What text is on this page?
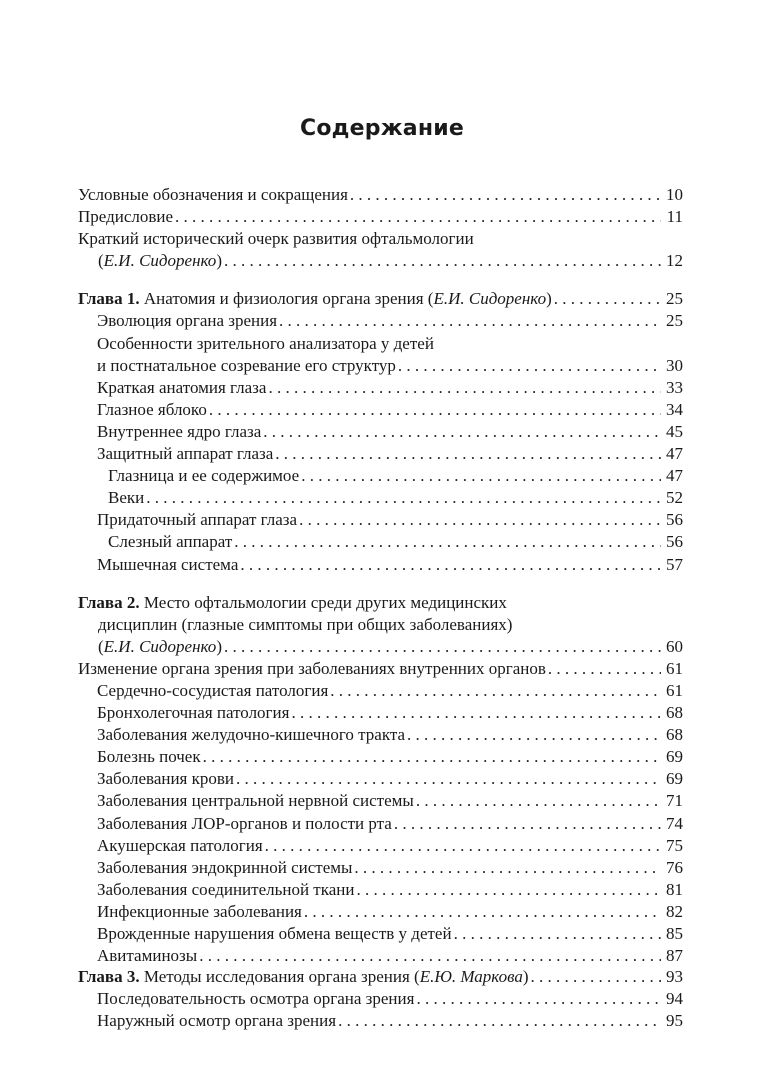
Содержание
Условные обозначения и сокращения . . .	10
Предисловие . . .	11
Краткий исторический очерк развития офтальмологии
(Е.И. Сидоренко) . . .	12
Глава 1. Анатомия и физиология органа зрения (Е.И. Сидоренко) . . .	25
Эволюция органа зрения . . .	25
Особенности зрительного анализатора у детей
и постнатальное созревание его структур . . .	30
Краткая анатомия глаза . . .	33
Глазное яблоко . . .	34
Внутреннее ядро глаза . . .	45
Защитный аппарат глаза . . .	47
Глазница и ее содержимое . . .	47
Веки . . .	52
Придаточный аппарат глаза . . .	56
Слезный аппарат . . .	56
Мышечная система . . .	57
Глава 2. Место офтальмологии среди других медицинских
дисциплин (глазные симптомы при общих заболеваниях)
(Е.И. Сидоренко) . . .	60
Изменение органа зрения при заболеваниях внутренних органов . . .	61
Сердечно-сосудистая патология . . .	61
Бронхолегочная патология . . .	68
Заболевания желудочно-кишечного тракта . . .	68
Болезнь почек . . .	69
Заболевания крови . . .	69
Заболевания центральной нервной системы . . .	71
Заболевания ЛОР-органов и полости рта . . .	74
Акушерская патология . . .	75
Заболевания эндокринной системы . . .	76
Заболевания соединительной ткани . . .	81
Инфекционные заболевания . . .	82
Врожденные нарушения обмена веществ у детей . . .	85
Авитаминозы . . .	87
Глава 3. Методы исследования органа зрения (Е.Ю. Маркова) . . .	93
Последовательность осмотра органа зрения . . .	94
Наружный осмотр органа зрения . . .	95
